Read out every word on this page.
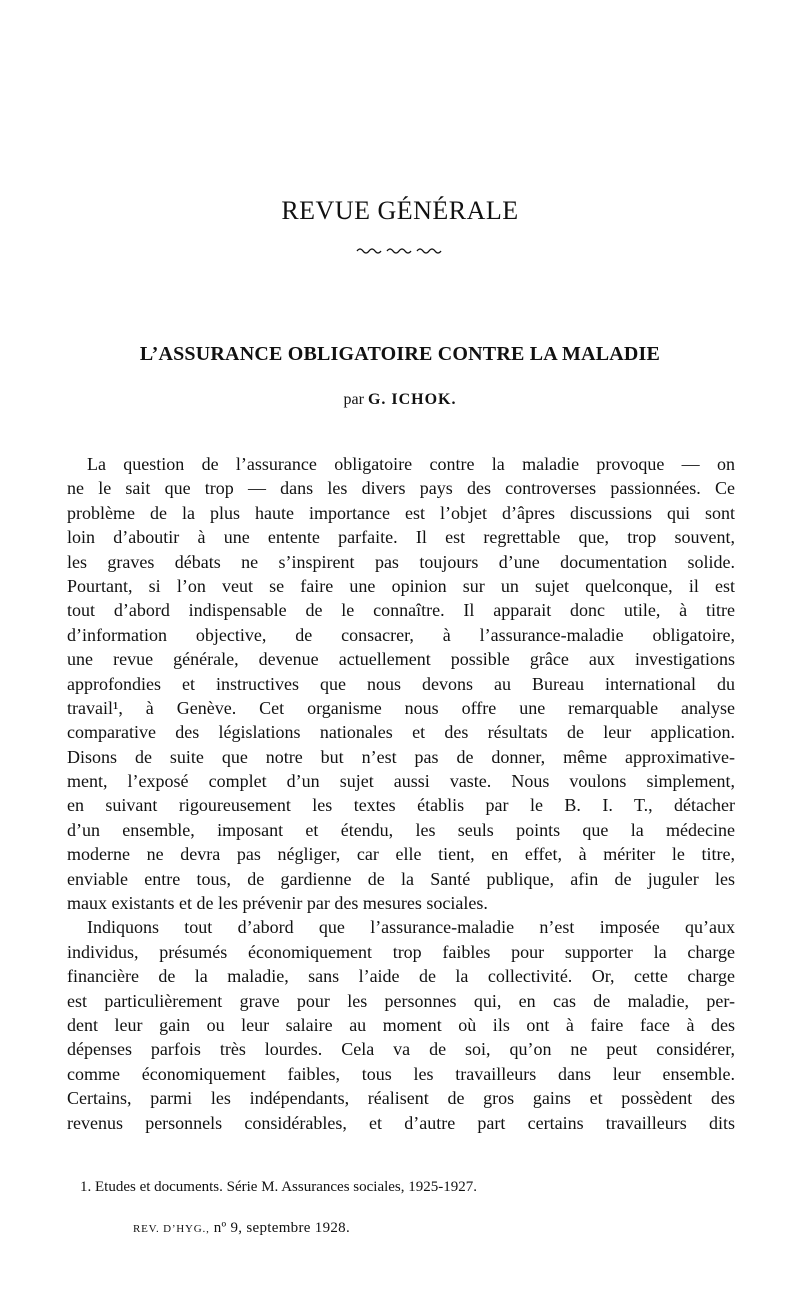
REVUE GÉNÉRALE
L’ASSURANCE OBLIGATOIRE CONTRE LA MALADIE
par G. ICHOK.
La question de l’assurance obligatoire contre la maladie provoque — on
ne le sait que trop — dans les divers pays des controverses passionnées. Ce
problème de la plus haute importance est l’objet d’âpres discussions qui sont
loin d’aboutir à une entente parfaite. Il est regrettable que, trop souvent,
les graves débats ne s’inspirent pas toujours d’une documentation solide.
Pourtant, si l’on veut se faire une opinion sur un sujet quelconque, il est
tout d’abord indispensable de le connaître. Il apparait donc utile, à titre
d’information objective, de consacrer, à l’assurance-maladie obligatoire,
une revue générale, devenue actuellement possible grâce aux investigations
approfondies et instructives que nous devons au Bureau international du
travail¹, à Genève. Cet organisme nous offre une remarquable analyse
comparative des législations nationales et des résultats de leur application.
Disons de suite que notre but n’est pas de donner, même approximative-
ment, l’exposé complet d’un sujet aussi vaste. Nous voulons simplement,
en suivant rigoureusement les textes établis par le B. I. T., détacher
d’un ensemble, imposant et étendu, les seuls points que la médecine
moderne ne devra pas négliger, car elle tient, en effet, à mériter le titre,
enviable entre tous, de gardienne de la Santé publique, afin de juguler les
maux existants et de les prévenir par des mesures sociales.
Indiquons tout d’abord que l’assurance-maladie n’est imposée qu’aux
individus, présumés économiquement trop faibles pour supporter la charge
financière de la maladie, sans l’aide de la collectivité. Or, cette charge
est particulièrement grave pour les personnes qui, en cas de maladie, per-
dent leur gain ou leur salaire au moment où ils ont à faire face à des
dépenses parfois très lourdes. Cela va de soi, qu’on ne peut considérer,
comme économiquement faibles, tous les travailleurs dans leur ensemble.
Certains, parmi les indépendants, réalisent de gros gains et possèdent des
revenus personnels considérables, et d’autre part certains travailleurs dits
1. Etudes et documents. Série M. Assurances sociales, 1925-1927.
REV. D’HYG., nº 9, septembre 1928.
